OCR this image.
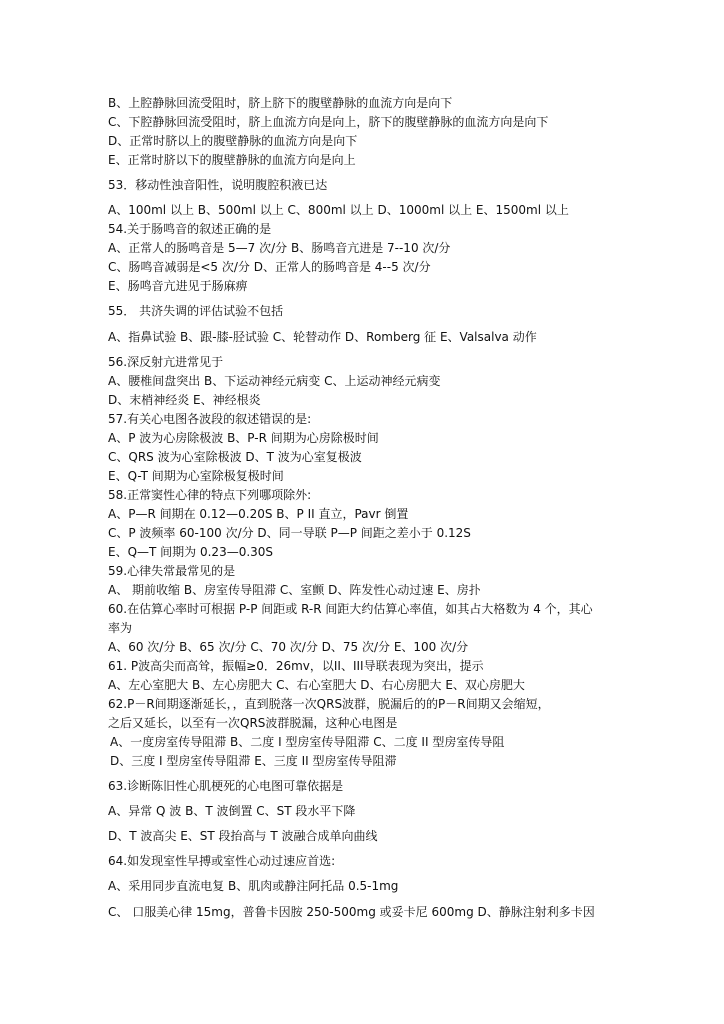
B、上腔静脉回流受阻时，脐上脐下的腹壁静脉的血流方向是向下
C、下腔静脉回流受阻时，脐上血流方向是向上，脐下的腹壁静脉的血流方向是向下
D、正常时脐以上的腹壁静脉的血流方向是向下
E、正常时脐以下的腹壁静脉的血流方向是向上
53．移动性浊音阳性，说明腹腔积液已达
A、100ml 以上 B、500ml 以上 C、800ml 以上 D、1000ml 以上 E、1500ml 以上
54.关于肠鸣音的叙述正确的是
A、正常人的肠鸣音是 5—7 次/分 B、肠鸣音亢进是 7--10 次/分
C、肠鸣音减弱是<5 次/分 D、正常人的肠鸣音是 4--5 次/分
E、肠鸣音亢进见于肠麻痹
55． 共济失调的评估试验不包括
A、指鼻试验 B、跟-膝-胫试验 C、轮替动作 D、Romberg 征 E、Valsalva 动作
56.深反射亢进常见于
A、腰椎间盘突出 B、下运动神经元病变 C、上运动神经元病变
D、末梢神经炎 E、神经根炎
57.有关心电图各波段的叙述错误的是:
A、P 波为心房除极波 B、P-R 间期为心房除极时间
C、QRS 波为心室除极波 D、T 波为心室复极波
E、Q-T 间期为心室除极复极时间
58.正常窦性心律的特点下列哪项除外:
A、P—R 间期在 0.12—0.20S B、P II 直立，Pavr 倒置
C、P 波频率 60-100 次/分 D、同一导联 P—P 间距之差小于 0.12S
E、Q—T 间期为 0.23—0.30S
59.心律失常最常见的是
A、 期前收缩 B、房室传导阻滞 C、室颤 D、阵发性心动过速 E、房扑
60.在估算心率时可根据 P-P 间距或 R-R 间距大约估算心率值，如其占大格数为 4 个，其心
率为
A、60 次/分 B、65 次/分 C、70 次/分 D、75 次/分 E、100 次/分
61. P波高尖而高耸，振幅≥0．26mv，以II、III导联表现为突出，提示
A、左心室肥大 B、左心房肥大 C、右心室肥大 D、右心房肥大 E、双心房肥大
62.P－R间期逐渐延长，，直到脱落一次QRS波群，脱漏后的的P－R间期又会缩短，
之后又延长，以至有一次QRS波群脱漏，这种心电图是
A、一度房室传导阻滞 B、二度 I 型房室传导阻滞 C、二度 II 型房室传导阻
D、三度 I 型房室传导阻滞 E、三度 II 型房室传导阻滞
63.诊断陈旧性心肌梗死的心电图可靠依据是
A、异常 Q 波 B、T 波倒置 C、ST 段水平下降
D、T 波高尖 E、ST 段抬高与 T 波融合成单向曲线
64.如发现室性早搏或室性心动过速应首选:
A、采用同步直流电复 B、肌肉或静注阿托品 0.5-1mg
C、 口服美心律 15mg，普鲁卡因胺 250-500mg 或妥卡尼 600mg D、静脉注射利多卡因
